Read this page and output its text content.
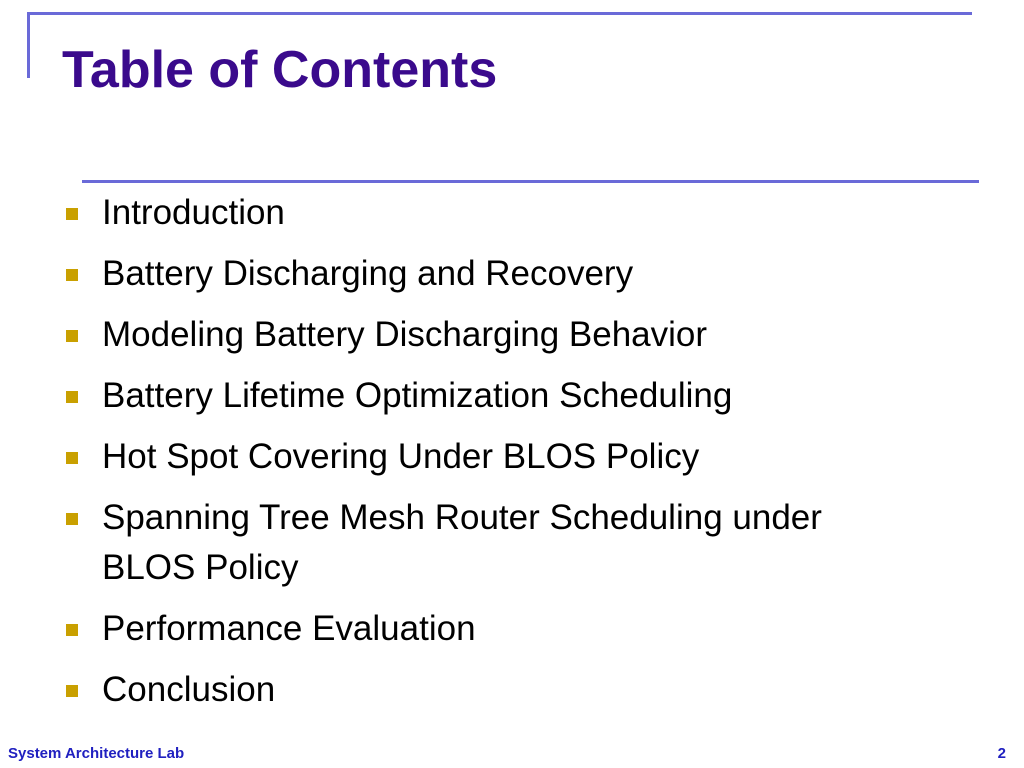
Table of Contents
Introduction
Battery Discharging and Recovery
Modeling Battery Discharging Behavior
Battery Lifetime Optimization Scheduling
Hot Spot Covering Under BLOS Policy
Spanning Tree Mesh Router Scheduling under BLOS Policy
Performance Evaluation
Conclusion
System Architecture Lab	2
